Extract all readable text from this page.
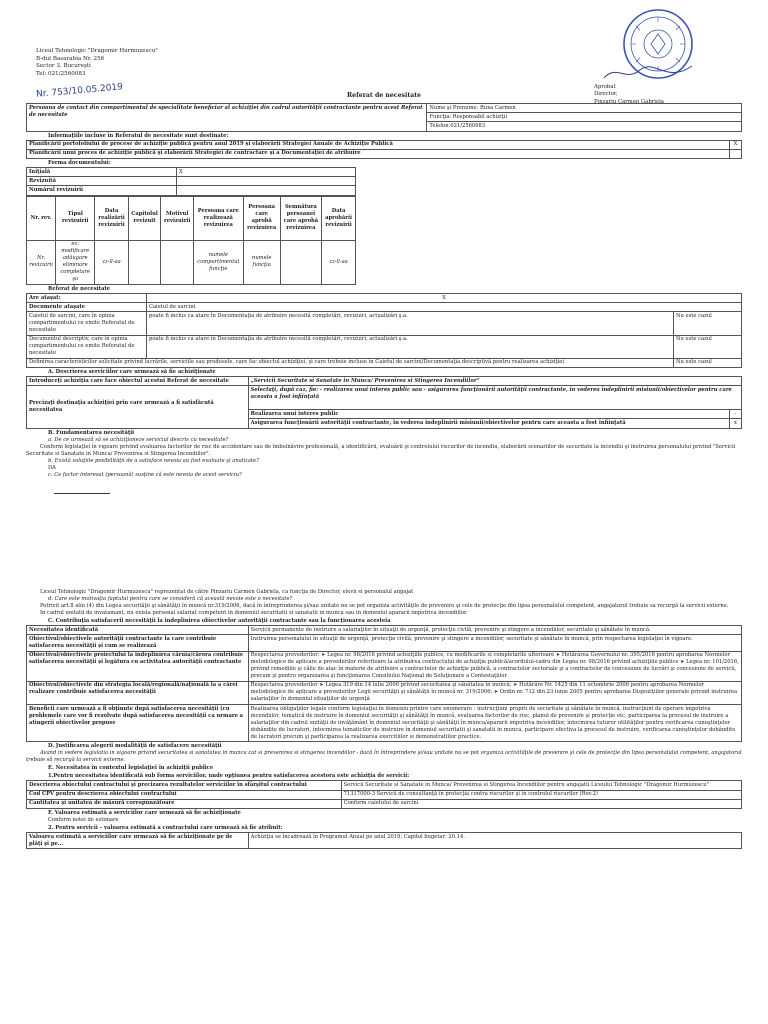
Liceul Tehnologic "Dragomir Hurmuzescu"
B-dul Basarabia Nr. 256
Sector 3, Bucureşti
Tel: 021/2560083
Nr. 753/10.05.2019	Aprobat
Director,
Pinzariu Carmen Gabriela
Referat de necesitate
Persoana de contact din compartimentul de specialitate beneficiar al achiziţiei din cadrul autorităţii contractante pentru acest Referat de necesitate	Nume şi Prenume: Ruxa Carmen
Funcţia: Responsabil achiziţii
Telefon:021/2560083
Informaţiile incluse în Referatul de necesitate sunt destinate:
Planificării portofoliului de procese de achiziţie publică pentru anul 2019 şi elaborării Strategiei Anuale de Achiziţie Publică	X
Planificării unui proces de achiziţie publică şi elaborării Strategiei de contractare şi a Documentaţiei de atribuire	
Forma documentului:
Iniţială	X
Revizuită	
Numărul revizuirii	
Nr. rev.	Tipul revizuirii	Data realizării revizuirii	Capitolul revizuit	Motivul revizuirii	Persoana care realizează revizuirea	Persoana care aprobă revizuirea	Semnătura persoanei care aprobă revizuirea	Data aprobării revizuirii
Nr. revizuirii	ex: modificare adăugare eliminare completare şa	zz-ll-aa			numele compartimentul funcţie	numele funcţia		zz-ll-aa
Referat de necesitate
Are ataşat:	X	
Documente ataşate	Caietul de sarcini	
Caietul de sarcini, care în opinia compartimentului ce emite Referatul de necesitate	poate fi inclus ca atare în Documentaţia de atribuire necesită completări, revizuiri, actualizări ş.a.	Nu este cazul
Documentul descriptiv, care în opinia compartimentului ce emite Referatul de necesitate	poate fi inclus ca atare în Documentaţia de atribuire necesită completări, revizuiri, actualizări ş.a.	Nu este cazul
Definirea caracteristicilor solicitate privind lucrările, serviciile sau produsele, care fac obiectul achiziţiei, şi care trebuie incluse în Caietul de sarcini/Documentaţia descriptivă pentru realizarea achiziţiei		Nu este cazul
A. Descrierea serviciilor care urmează să fie achiziţionate
Introduceţi achiziţia care face obiectul acestui Referat de necesitate	„Servicii Securitate si Sanatate in Munca/ Prevenirea si Stingerea Incendiilor”	
Precizaţi destinaţia achiziţiei prin care urmează a fi satisfăcută necesitatea	Selectaţi, după caz, fie: - realizarea unui interes public sau - asigurarea funcţionării autorităţii contractante, în vederea îndeplinirii misiunii/obiectivelor pentru care aceasta a fost înfiinţată	
	Realizarea unui interes public	-
	Asigurarea funcţionării autorităţii contractante, în vederea îndeplinirii misiunii/obiectivelor pentru care aceasta a fost înfiinţată	x
B. Fundamentarea necesităţii
a. De ce urmează să se achiziţioneze serviciul descris cu necesitate?
Conform legislaţiei în vigoare privind evaluarea factorilor de risc de accidentare sau de îmbolnăvire profesională, a identificării, evaluării şi controlului riscurilor de incendiu, elaborării scenariilor de securitate la incendiu şi instruirea personalului privind "Servicii Securitate si Sanatate in Munca/ Prevenirea si Stingerea Incendiilor".
b. Există soluţiile posibilităţii de a satisface nevoia au fost evaluate şi analizate?
DA
c. Ce factor interesat (persoană) susţine că este nevoia de acest serviciu?
Liceul Tehnologic "Dragomir Hurmuzescu" reprezentat de către Pinzariu Carmen Gabriela, ca funcţia de Director, elevii si personalul angajat
d. Care este motivaţia faptului pentru care se consideră că această nevoie este o necesitate?
Potrivit art.8 alin (4) din Legea securităţii şi sănătăţii în muncă nr.319/2006, dacă în întreprinderea şi/sau unitate nu se pot organiza activităţile de prevenire şi cele de protecţie din lipsa personalului competent, angajatorul trebuie sa recurgă la servicii externe.
In cadrul unitatii de invatamant, nu exista personal salariat competent in domeniul securitatii si sanatatii in munca sau in domeniul apararii impotriva incendiilor.
C. Contribuţia satisfacerii necesităţii la îndeplinirea obiectivelor autorităţii contractante sau la funcţionarea acesteia
Necesitatea identificată	Servicii permanente de instruire a salariaţilor în situaţii de urgenţă, protecţie civilă, prevenire şi stingere a incendiilor, securitate şi sănătate în muncă.
Obiectivul/obiectivele autorităţii contractante la care contribuie satisfacerea necesităţii şi cum se realizează	Instruirea personalului în situaţii de urgenţă, protecţie civilă, prevenire şi stingere a incendiilor, securitate şi sănătate în muncă, prin respectarea legislaţiei în vigoare.
Obiectivul/obiectivele proiectului la îndeplinirea căruia/cărora contribuie satisfacerea necesităţii şi legătura cu activitatea autorităţii contractante	Respectarea prevederilor: ➤ Legea nr. 98/2016 privind achiziţiile publice, cu modificarile si completarile ulterioare ➤ Hotărârea Guvernului nr. 395/2016 pentru aprobarea Normelor metodologice de aplicare a prevederilor referitoare la atribuirea contractului de achiziţie publică/acordului-cadru din Legea nr. 98/2016 privind achiziţiile publice ➤ Legea nr. 101/2016, privind remediile şi căile de atac în materie de atribuire a contractelor de achiziţie publică, a contractelor sectoriale şi a contractelor de concesiune de lucrări şi concesiune de servicii, precum şi pentru organizarea şi funcţionarea Consiliului Naţional de Soluţionare a Contestaţiilor
Obiectivul/obiectivele din strategia locală/regională/naţională la a cărei realizare contribuie satisfacerea necesităţii	Respectarea prevederilor ➤ Legea 319 din 14 iulie 2006 privind securitatea şi sănătatea în muncă; ➤ Hotărâre Nr. 1425 din 11 octombrie 2006 pentru aprobarea Normelor metodologice de aplicare a prevederilor Legii securităţii şi sănătăţii în muncă nr. 319/2006; ➤ Ordin nr. 712 din 23 iunie 2005 pentru aprobarea Dispoziţiilor generale privind instruirea salariaţilor în domeniul situaţiilor de urgenţă
Beneficii care urmează a fi obţinute după satisfacerea necesităţii (cu problemele care vor fi rezolvate după satisfacerea necesităţii ca urmare a atingerii obiectivelor propuse	Realizarea obligaţiilor legale conform legislaţiei în domeniu printre care enumerare : instrucţiuni proprii de securitate şi sănătate în muncă, instrucţiuni de operare împotriva incendiilor, tematică de instruire în domeniul securităţii şi sănătăţii în muncă, evaluarea factorilor de risc, planul de prevenire şi protecţie etc, participarea la procesul de instruire a salariaţilor din cadrul unităţii de invăţământ în domeniul securităţii şi sănătăţii în munca/apararii impotriva incendiilor, întocmirea tuturor utilităţilor pentru verificarea cunoştinţelor dobândite de lucratori, întocmirea tematicilor de instruire în domeniul securitatii şi sanatatii in munca, participare efectiva la procesul de instruire, verificarea cunoştinţelor dobândite de lucratori precum şi participarea la realizarea exercitiilor si demonstratiilor practice.
D. Justificarea alegerii modalităţii de satisfacere necesităţii
Avand in vedere legislatia in vigoare privind securitatea si sanatatea in munca cat si prevenirea si stingerea incendiilor - dacă în întreprindere şi/sau unitate nu se pot organiza activităţile de prevenire şi cele de protecţie din lipsa personalului competent, angajatorul trebuie să recurgă la servicii externe.
E. Necesitatea în contextul legislaţiei în achiziţii publice
1.Pentru necesitatea identificată sub forma serviciilor, unde opţiunea pentru satisfacerea acestora este achiziţia de servicii:
Descrierea obiectului contractului şi precizarea rezultatelor serviciilor în sfârşitul contractului	Servicii Securitate si Sanatate in Munca/ Prevenirea si Stingerea Incendiilor pentru angajatii Liceului Tehnologic "Dragomir Hurmuzescu"
Cod CPV pentru descrierea obiectului contractului	71317000-3 Servicii de consultanţă în protecţia contra riscurilor şi în controlul riscurilor (Rev.2)
Cantitatea şi unitatea de măsură corespunzătoare	Conform caietului de sarcini
F. Valoarea estimată a serviciilor care urmează să fie achiziţionate
Conform notei de estimare
2. Pentru servicii – valoarea estimată a contractului care urmează să fie atribuit:
Valoarea estimată a serviciilor care urmează să fie achiziţionate pe de plăţi şi pe...	Achiziţia se încadrează în Programul Anual pe anul 2019; Capitol bugetar: 20.14.
